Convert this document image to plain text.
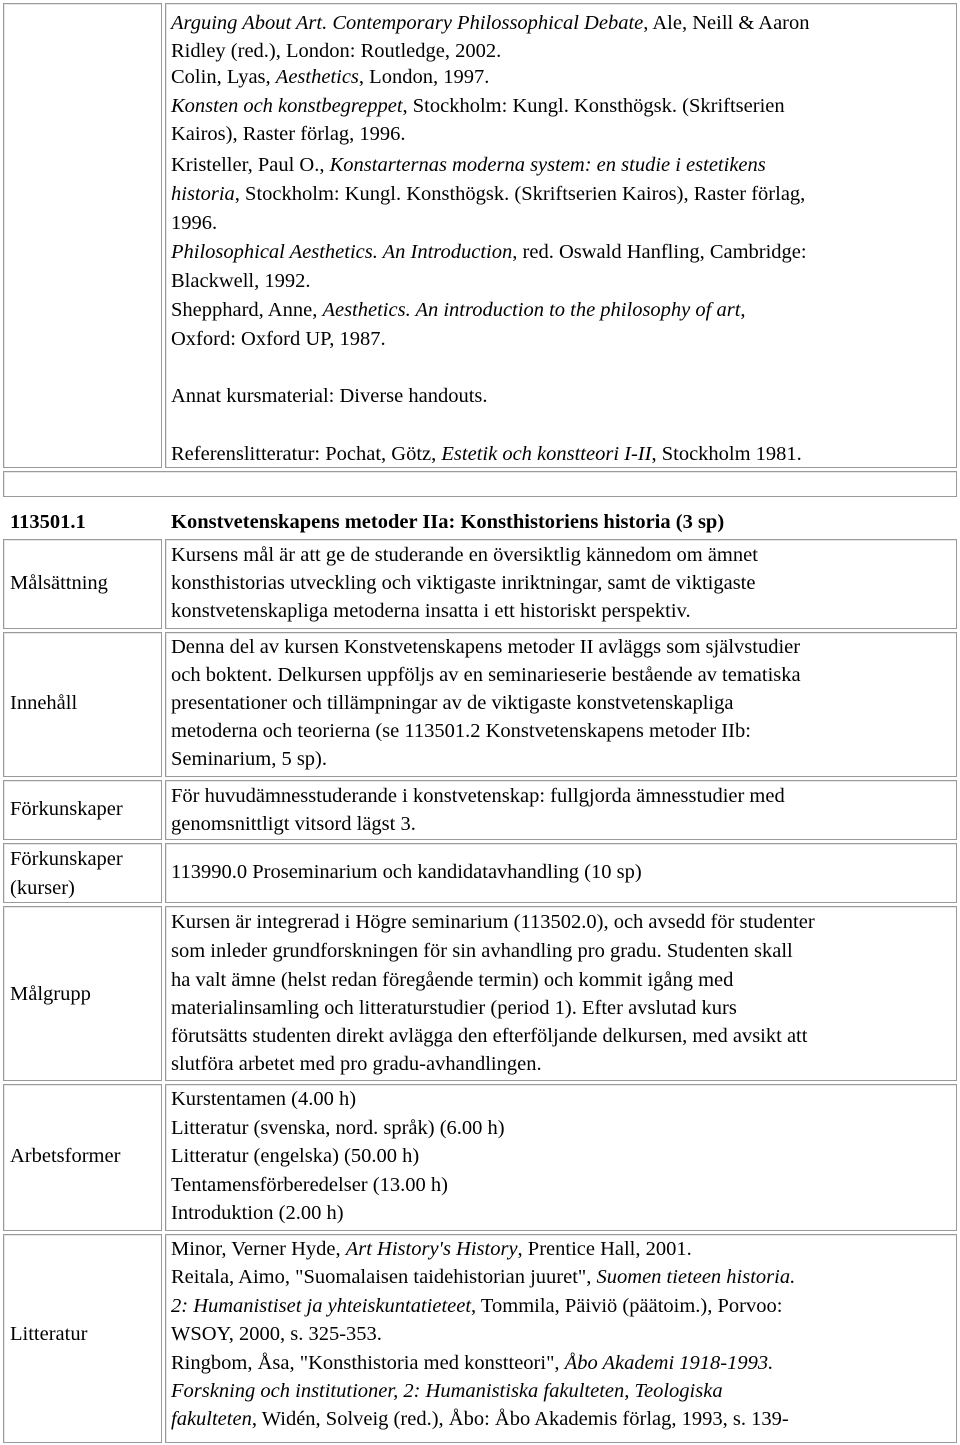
Arguing About Art. Contemporary Philossophical Debate, Ale, Neill & Aaron
Ridley (red.), London: Routledge, 2002.
Colin, Lyas, Aesthetics, London, 1997.
Konsten och konstbegreppet, Stockholm: Kungl. Konsthögsk. (Skriftserien
Kairos), Raster förlag, 1996.
Kristeller, Paul O., Konstarternas moderna system: en studie i estetikens
historia, Stockholm: Kungl. Konsthögsk. (Skriftserien Kairos), Raster förlag,
1996.
Philosophical Aesthetics. An Introduction, red. Oswald Hanfling, Cambridge:
Blackwell, 1992.
Shepphard, Anne, Aesthetics. An introduction to the philosophy of art,
Oxford: Oxford UP, 1987.
Annat kursmaterial: Diverse handouts.
Referenslitteratur: Pochat, Götz, Estetik och konstteori I-II, Stockholm 1981.
113501.1	Konstvetenskapens metoder IIa: Konsthistoriens historia (3 sp)
Målsättning
Kursens mål är att ge de studerande en översiktlig kännedom om ämnet
konsthistorias utveckling och viktigaste inriktningar, samt de viktigaste
konstvetenskapliga metoderna insatta i ett historiskt perspektiv.
Innehåll
Denna del av kursen Konstvetenskapens metoder II avläggs som självstudier
och boktent. Delkursen uppföljs av en seminarieserie bestående av tematiska
presentationer och tillämpningar av de viktigaste konstvetenskapliga
metoderna och teorierna (se 113501.2 Konstvetenskapens metoder IIb:
Seminarium, 5 sp).
Förkunskaper
För huvudämnesstuderande i konstvetenskap: fullgjorda ämnesstudier med
genomsnittligt vitsord lägst 3.
Förkunskaper
(kurser)
113990.0 Proseminarium och kandidatavhandling (10 sp)
Målgrupp
Kursen är integrerad i Högre seminarium (113502.0), och avsedd för studenter
som inleder grundforskningen för sin avhandling pro gradu. Studenten skall
ha valt ämne (helst redan föregående termin) och kommit igång med
materialinsamling och litteraturstudier (period 1). Efter avslutad kurs
förutsätts studenten direkt avlägga den efterföljande delkursen, med avsikt att
slutföra arbetet med pro gradu-avhandlingen.
Arbetsformer
Kurstentamen (4.00 h)
Litteratur (svenska, nord. språk) (6.00 h)
Litteratur (engelska) (50.00 h)
Tentamensförberedelser (13.00 h)
Introduktion (2.00 h)
Litteratur
Minor, Verner Hyde, Art History's History, Prentice Hall, 2001.
Reitala, Aimo, "Suomalaisen taidehistorian juuret", Suomen tieteen historia.
2: Humanistiset ja yhteiskuntatieteet, Tommila, Päiviö (päätoim.), Porvoo:
WSOY, 2000, s. 325-353.
Ringbom, Åsa, "Konsthistoria med konstteori", Åbo Akademi 1918-1993.
Forskning och institutioner, 2: Humanistiska fakulteten, Teologiska
fakulteten, Widén, Solveig (red.), Åbo: Åbo Akademis förlag, 1993, s. 139-
